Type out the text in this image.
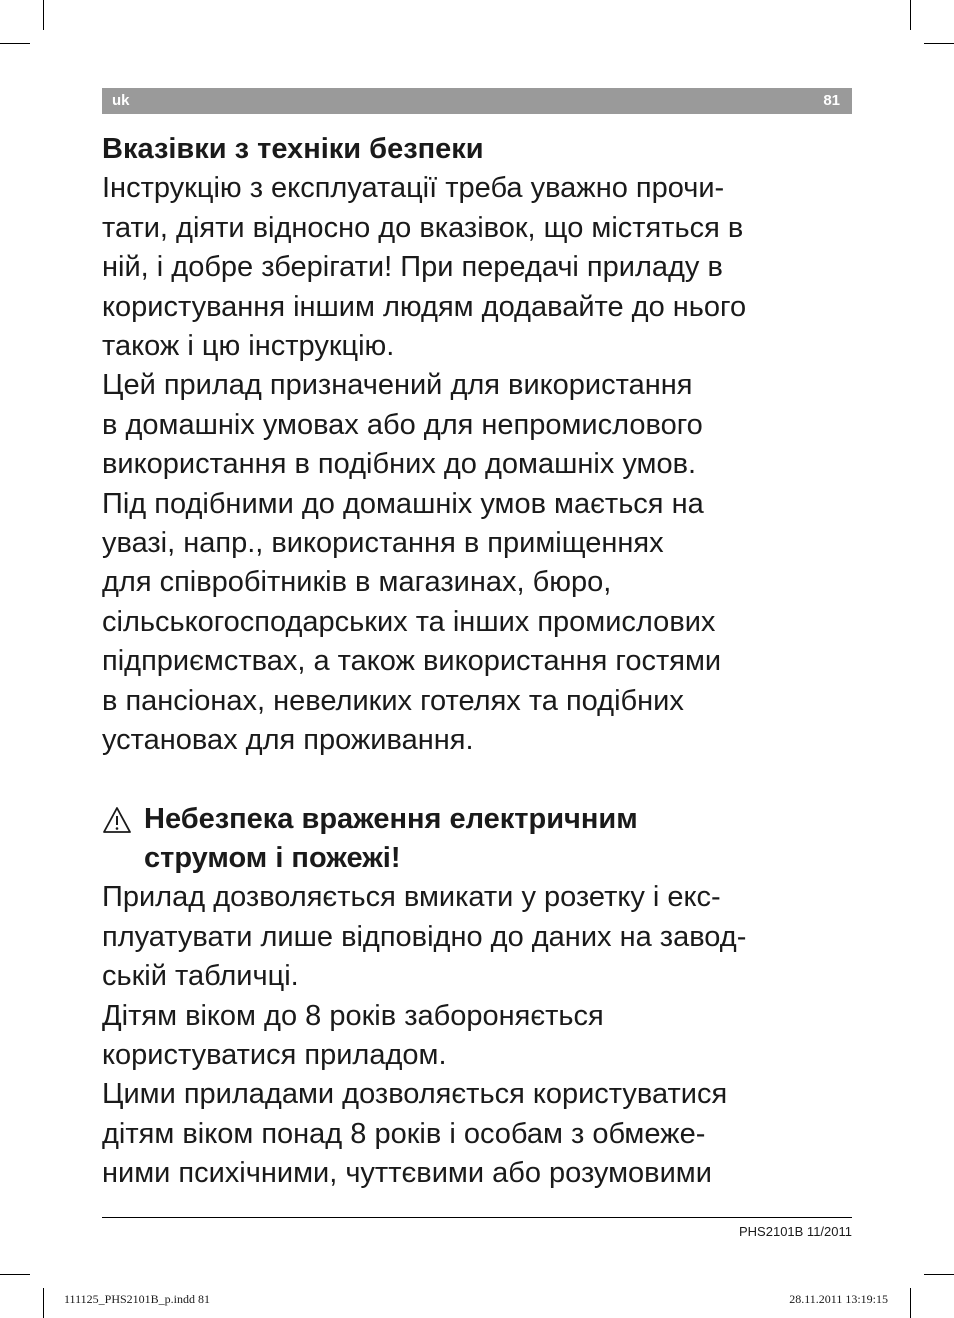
uk	81
Вказівки з техніки безпеки

Інструкцію з експлуатації треба уважно прочи-

тати, діяти відносно до вказівок, що містяться в

ній, і добре зберігати! При передачі приладу в

користування іншим людям додавайте до нього

також і цю інструкцію.

Цей прилад призначений для використання

в домашніх умовах або для непромислового

використання в подібних до домашніх умов.

Під подібними до домашніх умов мається на

увазі, напр., використання в приміщеннях

для співробітників в магазинах, бюро,

сільськогосподарських та інших промислових

підприємствах, а також використання гостями

в пансіонах, невеликих готелях та подібних

установах для проживання.

Небезпека враження електричним
струмом і пожежі!

Прилад дозволяється вмикати у розетку і екс-

плуатувати лише відповідно до даних на завод-

ській табличці.

Дітям віком до 8 років забороняється

користуватися приладом.

Цими приладами дозволяється користуватися

дітям віком понад 8 років і особам з обмеже-

ними психічними, чуттєвими або розумовими

PHS2101B 11/2011
111125_PHS2101B_p.indd 81	28.11.2011 13:19:15
